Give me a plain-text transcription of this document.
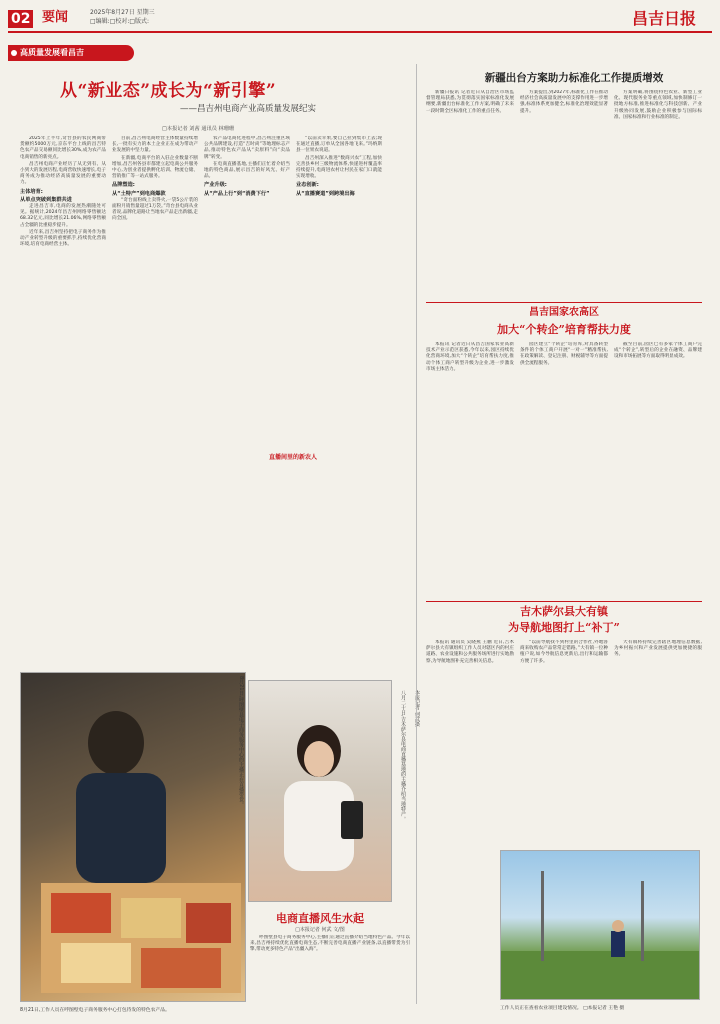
02 要闻	2025年8月27日 星期三
□编辑:□校对:□版式:	昌吉日报
高质量发展看昌吉
从“新业态”成长为“新引擎”
——昌吉州电商产业高质量发展纪实
□本报记者 刘茜 通讯员 林珊珊

2025年上半年,奇台县的农民网商带货额约5000万元,京东平台上线的昌吉特色农产品交易额同比增长30%,成为农产品电商销售的新亮点。

昌吉州电商产业经历了从无到有、从小到大的发展历程,电商营收快速增长,电子商务成为推动经济高质量发展的重要动力。

主体培育:
从单点突破到集群共进

走进昌吉市,电商的发展热潮随处可见。据统计,2024年昌吉州网络零售额达68.32亿元,同比增长21.06%,网络零售额占全疆的比重稳步提升。

近年来,昌吉州坚持把电子商务作为推动产业转型升级的重要抓手,持续优化营商环境,培育电商经营主体。

目前,昌吉州电商经营主体数量持续增长,一批有实力的本土企业正在成为带动产业发展的中坚力量。

在新疆,电商平台的入驻企业数量不断增加,昌吉州各县市都建立起电商公共服务中心,为创业者提供孵化培训、物流仓储、营销推广等一站式服务。

品牌塑造:
从“土特产”到电商爆款

“奇台面粉线上卖得火,一袋5公斤装的面粉月销售量超过1万袋。”奇台县电商从业者说,品牌化道路让当地农产品走出新疆,走向全国。

农产品电商化进程中,昌吉州注重区域公共品牌建设,打造“吉时尚”等地理标志产品,推动特色农产品从“卖原料”向“卖品牌”转变。

在电商直播基地,主播们正忙着介绍当地的特色商品,展示昌吉的好风光、好产品。

产业升级:
从“产品上行”到“消费下行”
直播间里的新农人

“以前卖苹果,要自己拉到集市上去;现在通过直播,订单从全国各地飞来。”玛纳斯县一位果农说道。

昌吉州深入推进“数商兴农”工程,加快完善县乡村三级物流体系,快递进村覆盖率持续提升,电商进农村让村民在家门口就能实现增收。

业态创新:
从“直播赛道”到跨境出海
8月21日,呼图壁县电子商务服务中心的主播正在直播带货。
8月21日,工作人员在呼图壁电子商务服务中心打包待发的特色农产品。
八月二十日,吉木萨尔县电商直播基地的主播介绍当地特产。	本报记者 何武摄
电商直播风生水起
□本报记者 何武 文/图

呼图壁县电子商务服务中心,主播们正通过直播介绍当地特色产品。今年以来,昌吉州持续优化直播电商生态,不断完善电商直播产业链条,以直播带货为引擎,带动更多特色产品“出疆入海”。

新疆出台方案助力标准化工作提质增效

新疆日报讯 记者近日从自治区市场监督管理局获悉,为贯彻落实国家标准化发展纲要,新疆出台标准化工作方案,明确了未来一段时期全区标准化工作的重点任务。

方案提出,到2027年,标准化工作在推动经济社会高质量发展中的支撑作用进一步增强,标准体系更加健全,标准化治理效能显著提升。

方案明确,将围绕特色农业、新型工业化、现代服务业等重点领域,加快制修订一批地方标准,推进标准化与科技创新、产业升级协同发展,鼓励企业积极参与国际标准、国家标准和行业标准的制定。

昌吉国家农高区
加大“个转企”培育帮扶力度

本报讯 记者近日从昌吉国家农业高新技术产业示范区获悉,今年以来,园区持续优化营商环境,加大“个转企”培育帮扶力度,推动个体工商户转型升级为企业,进一步激发市场主体活力。

园区建立“个转企”培育库,对具备转型条件的个体工商户开展“一对一”精准帮扶,在政策解读、登记注册、财税辅导等方面提供全流程服务。

截至目前,园区已有多家个体工商户完成“个转企”,转型后的企业在融资、品牌建设和市场拓展等方面取得明显成效。

吉木萨尔县大有镇
为导航地图打上“补丁”

本报讯 通讯员 吴晓燕 王鹏 近日,吉木萨尔县大有镇组织工作人员对辖区内的村庄道路、农业设施和公共服务场所进行实地勘察,为导航地图补充完善相关信息。

“以前导航找不到村里的合作社,外地客商来收购农产品常常走错路。”大有镇一位种植户说,如今导航信息更新后,出行和运输都方便了许多。

大有镇将持续完善辖区地理信息数据,为乡村振兴和产业发展提供更加便捷的服务。

工作人员正在查看农业项目建设情况。 □本报记者 王艳 摄
